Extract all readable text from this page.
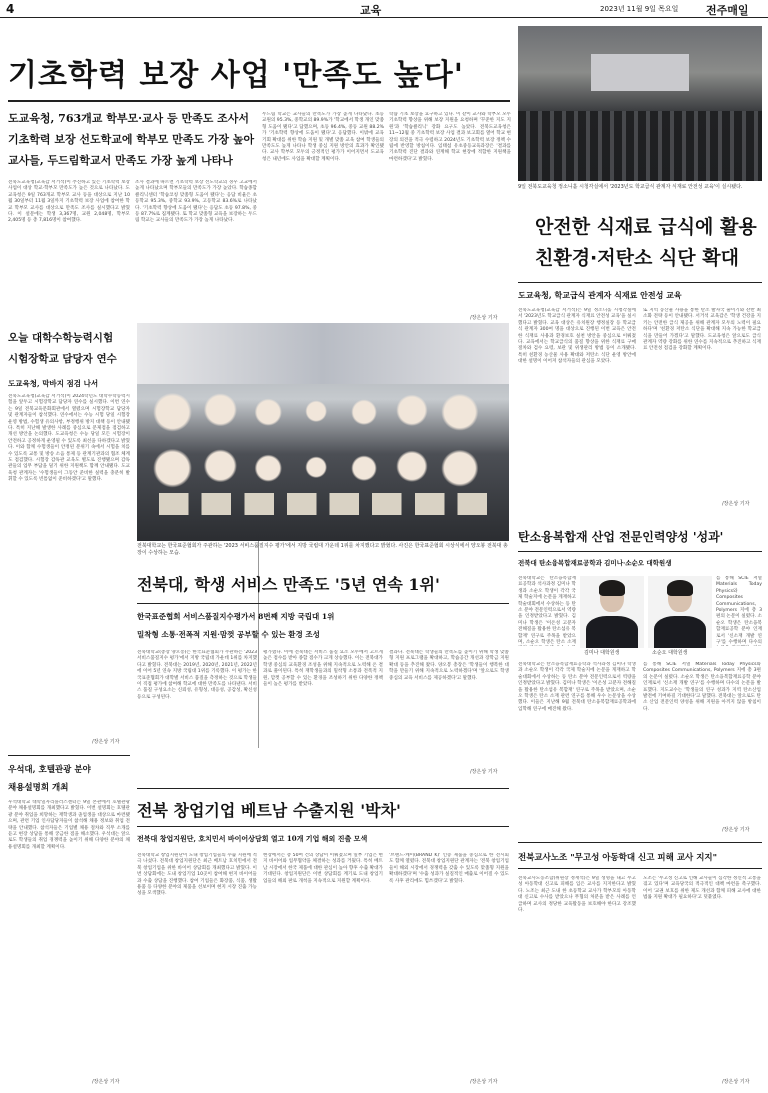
4	교육	2023년 11월 9일 목요일	전주매일
기초학력 보장 사업 '만족도 높다'
도교육청, 763개교 학부모·교사 등 만족도 조사서
기초학력 보장 선도학교에 학부모 만족도 가장 높아
교사들, 두드림학교서 만족도 가장 높게 나타나
전북도교육청(교육감 서거석)이 추진하고 있는 기초학력 보장 사업이 대상 학교·학부모 만족도가 높은 것으로 나타났다. 도교육청은 9일 763개교 학부모 교사 등을 대상으로 지난 10월 30일부터 11월 3일까지 기초학력 보장 사업에 참여한 학교 학부모 교사를 대상으로 만족도 조사를 실시했다고 밝혔다. 이 설문에는 학생 3,367명, 교원 2,048명, 학부모 2,405명 등 총 7,816명이 참여했다.
조사 결과에 따르면 기초학력 보장 선도학교의 경우 고교에서 높게 나타났으며 학부모들의 만족도가 가장 높았다. 학습종합클리닉센터 '학습코칭 맞춤형 도움이 됐다'는 응답 비율은 초등학교 95.3%, 중학교 93.9%, 고등학교 83.6%로 나타났다. '기초학력 향상에 도움이 됐다'는 응답도 초등 97.8%, 중등 87.7%로 집계됐다. 또 학교 맞춤형 교육을 보장하는 두드림 학교는 교사들의 만족도가 가장 높게 나타났다.
두드림 학교는 교사들의 만족도가 가장 높게 나타났다. 초등 교원의 95.3%, 중학교의 89.9%가 '학교에서 학생 개인 맞춤형 도움이 됐다'고 답했으며, 초등 96.4%, 중등 교원 88.2%가 '기초학력 향상에 도움이 됐다'고 응답했다. 이밖에 교육 기회 확대를 위한 학습 지원 및 개별 맞춤 교육 참여 학생들의 만족도도 높게 나타나 학생 중심 지원 방안의 효과가 확인됐다. 교사 학부모 모두의 긍정적인 평가가 이어지면서 도교육청은 내년에도 사업을 확대할 계획이다.
학습 기초 보장을 요구하고 있다. 이 같이 교사와 학부모 모두 기초학력 향상을 위해 보장 지원을 요청하며 '꾸준한 지도 지원'과 '학습클리닉' 강화 요구도 높았다. 전북도교육청은 11~12월 중 기초학력 보장 사업 결과 보고회를 열어 학교 현장의 의견을 적극 수렴하고 2024년도 기초학력 보장 정책 수립에 반영할 방침이다. 임태섭 유초중등교육과장은 '결과를 기초학력 진단 결과와 연계해 학교 현장에 적합한 지원책을 마련하겠다'고 밝혔다.
/장은상 기자
9일 전북도교육청 정소니홀 시청각실에서 '2023년도 학교급식 관계자 식재료 안전성 교육'이 실시됐다.
안전한 식재료 급식에 활용
친환경·저탄소 식단 확대
도교육청, 학교급식 관계자 식재료 안전성 교육
전북도교육청(교육감 서거석)은 9일 정소니홀 시청각실에서 '2023년도 학교급식 관계자 식재료 안전성 교육'을 실시했다고 밝혔다. 교육 대상은 유치원장 행정실장 등 학교급식 관계자 300여 명을 대상으로 진행된 이번 교육은 안전한 식재료 사용과 환경보호 실천 방안을 중심으로 이뤄졌다. 교육에서는 학교급식의 품질 향상을 위한 식재료 구매 절차와 검수 요령, 보관 및 위생관리 방법 등이 소개됐다. 특히 친환경 농산물 사용 확대와 저탄소 식단 운영 방안에 대한 설명이 이어져 참석자들의 관심을 모았다.
또 지역 농산물 사용을 통한 탄소 발자국 줄이기와 잔반 최소화 전략 등이 안내됐다. 서거석 교육감은 '학생 건강을 지키는 안전한 급식 제공을 위해 관계자 모두의 노력이 필요하다'며 '친환경 저탄소 식단을 확대해 지속 가능한 학교급식을 만들어 가겠다'고 말했다. 도교육청은 앞으로도 급식 관계자 역량 강화를 위한 연수를 지속적으로 추진하고 식재료 안전성 점검을 강화할 계획이다.
/장은상 기자
오늘 대학수학능력시험
시험장학교 담당자 연수
도교육청, 막바지 점검 나서
전북도교육청(교육감 서거석)이 2024학년도 대학수학능력시험을 앞두고 시험장학교 담당자 연수를 실시했다. 이번 연수는 9일 전북교육문화회관에서 열렸으며 시험장학교 담당자 및 관계자들이 참석했다. 연수에서는 수능 시험 당일 시험장 운영 방법, 수험생 유의사항, 부정행위 방지 대책 등이 안내됐다. 특히 지난해 발생한 사례를 중심으로 문제점을 점검하고 개선 방안을 논의했다. 도교육청은 수능 당일 모든 시험장이 안전하고 공정하게 운영될 수 있도록 최선을 다하겠다고 밝혔다. 이와 함께 수험생들이 안정된 분위기 속에서 시험을 치를 수 있도록 교통 및 방송 소음 통제 등 관계기관과의 협조 체계도 점검했다. 시험장 감독관 교육도 별도로 진행됐으며 감독관들의 업무 부담을 덜기 위한 지원책도 함께 안내됐다. 도교육청 관계자는 '수험생들이 그동안 준비한 실력을 충분히 발휘할 수 있도록 빈틈없이 준비하겠다'고 말했다.
/장은상 기자
전북대학교는 한국표준협회가 주관하는 '2023 서비스품질지수 평가'에서 지방 국립대 가운데 1위를 차지했다고 밝혔다. 사진은 한국표준협회 시상식에서 양오봉 전북대 총장이 수상하는 모습.
전북대, 학생 서비스 만족도 '5년 연속 1위'
한국표준협회 서비스품질지수평가서 8번째 지방 국립대 1위
밀착형 소통·전폭적 지원·맘껏 공부할 수 있는 환경 조성
전북대학교(총장 양오봉)는 한국표준협회가 주관하는 '2023 서비스품질지수 평가'에서 지방 국립대 가운데 1위를 차지했다고 밝혔다. 전북대는 2019년, 2020년, 2021년, 2022년에 이어 5년 연속 지방 국립대 1위를 기록했다. 이 평가는 한국표준협회가 대학별 서비스 품질을 측정하는 것으로 학생들이 직접 평가에 참여해 학교에 대한 만족도를 나타낸다. 서비스 품질 구성요소는 신뢰성, 유형성, 대응성, 공감성, 확신성 등으로 구성된다.
평가했다. 이에 전북대는 서비스 품질 요소 모두에서 고르게 높은 점수를 받아 종합 점수가 크게 상승했다. 이는 전북대가 학생 중심의 교육환경 조성을 위해 지속적으로 노력해 온 결과로 풀이된다. 특히 재학생들과의 밀착형 소통과 전폭적 지원, 맘껏 공부할 수 있는 환경을 조성하기 위한 다양한 정책들이 높은 평가를 받았다.
결과다. 전북대는 학생들의 만족도를 높이기 위해 학생 맞춤형 지원 프로그램을 확대하고, 학습공간 개선과 장학금 지원 확대 등을 추진해 왔다. 양오봉 총장은 '학생들이 행복한 대학을 만들기 위해 지속적으로 노력하겠다'며 '앞으로도 학생 중심의 교육 서비스를 제공하겠다'고 말했다.
/장은상 기자
탄소융복합재 산업 전문인력양성 '성과'
전북대 탄소융복합재료공학과 김미나·소순오 대학원생
김미나 대학원생	소순오 대학원생
전북대학교는 탄소융복합재료공학과 석사과정 김미나 학생과 소순오 학생이 각각 국제 학술지에 논문을 게재하고 학술대회에서 수상하는 등 탄소 분야 전문인력으로서 역량을 인정받았다고 밝혔다. 김미나 학생은 '이온성 고분자 전해질을 활용한 탄소섬유 복합재' 연구로 주목을 받았으며, 소순오 학생은 탄소 소재
전북대학교는 탄소융복합재료공학과 석사과정 김미나 학생과 소순오 학생이 각각 국제 학술지에 논문을 게재하고 학술대회에서 수상하는 등 탄소 분야 전문인력으로서 역량을 인정받았다고 밝혔다. 김미나 학생은 '이온성 고분자 전해질을 활용한 탄소섬유 복합재' 연구로 주목을 받았으며, 소순오 학생은 탄소 소재 관련 연구를 통해 우수 논문상을 수상했다. 이들은 지난해 9월 전북대 탄소융복합재료공학과에 입학해 연구에 매진해 왔다.
를 통해 SCIE 저널 Materials Today Physics와 Composites Communications, Polymers 지에 총 3편의 논문이 실렸다. 소순오 학생은 탄소융복합재료공학 분야 인재로서 '신소재 개발 연구'를 수행하며 다수의
를 통해 SCIE 저널 Materials Today Physics와 Composites Communications, Polymers 지에 총 3편의 논문이 실렸다. 소순오 학생은 탄소융복합재료공학 분야 인재로서 '신소재 개발 연구'를 수행하며 다수의 논문을 발표했다. 지도교수는 '학생들의 연구 성과가 지역 탄소산업 발전에 기여하길 기대한다'고 말했다. 전북대는 앞으로도 탄소 산업 전문인력 양성을 위해 지원을 아끼지 않을 방침이다.
/장은상 기자
우석대, 호텔관광 분야
채용설명회 개최
우석대학교 대학일자리플러스센터는 9일 본관에서 호텔관광 분야 채용설명회를 개최했다고 밝혔다. 이번 설명회는 호텔관광 분야 취업을 희망하는 재학생과 졸업생을 대상으로 마련됐으며, 관련 기업 인사담당자들이 참석해 채용 정보와 취업 전략을 안내했다. 참석자들은 기업별 채용 절차와 직무 소개를 듣고 현장 상담을 통해 궁금한 점을 해소했다. 우석대는 앞으로도 학생들의 취업 경쟁력을 높이기 위해 다양한 분야의 채용설명회를 개최할 계획이다.
/장은상 기자
전북 창업기업 베트남 수출지원 '박차'
전북대 창업지원단, 호치민서 바이어상담회 열고 10개 기업 해외 진출 모색
전북대학교 창업지원단이 도내 창업기업들의 수출 지원에 적극 나섰다. 전북대 창업지원단은 최근 베트남 호치민에서 전북 창업기업을 위한 바이어 상담회를 개최했다고 밝혔다. 이번 상담회에는 도내 창업기업 10곳이 참여해 현지 바이어들과 수출 상담을 진행했다. 참여 기업들은 화장품, 식품, 생활용품 등 다양한 분야의 제품을 선보이며 현지 시장 진출 가능성을 모색했다.
현장에서는 총 50여 건의 상담이 이뤄졌으며 일부 기업은 현지 바이어와 업무협약을 체결하는 성과를 거뒀다. 특히 베트남 시장에서 한국 제품에 대한 관심이 높아 향후 수출 확대가 기대된다. 창업지원단은 이번 상담회를 계기로 도내 창업기업들의 해외 판로 개척을 지속적으로 지원할 계획이다.
'브랜드-케이(BRAND K)' 인증 제품을 중심으로 한 전시회도 함께 열렸다. 전북대 창업지원단 관계자는 '전북 창업기업들이 해외 시장에서 경쟁력을 갖출 수 있도록 맞춤형 지원을 확대하겠다'며 '수출 성과가 실질적인 매출로 이어질 수 있도록 사후 관리에도 힘쓰겠다'고 밝혔다.
/장은상 기자
전북교사노조 "무고성 아동학대 신고 피해 교사 지지"
전북교사노동조합(위원장 정재석)은 9일 성명을 내고 무고성 아동학대 신고로 피해를 입은 교사를 지지한다고 밝혔다. 노조는 최근 도내 한 초등학교 교사가 학부모의 아동학대 신고로 수사를 받았으나 무혐의 처분을 받은 사례를 언급하며 교사의 정당한 교육활동을 보호해야 한다고 강조했다.
노조는 '무고성 신고로 인해 교사들이 심각한 정신적 고통을 겪고 있다'며 교육당국의 적극적인 대책 마련을 촉구했다. 이어 '교권 보호를 위한 제도 개선과 함께 피해 교사에 대한 법률 지원 확대가 필요하다'고 덧붙였다.
/장은상 기자
